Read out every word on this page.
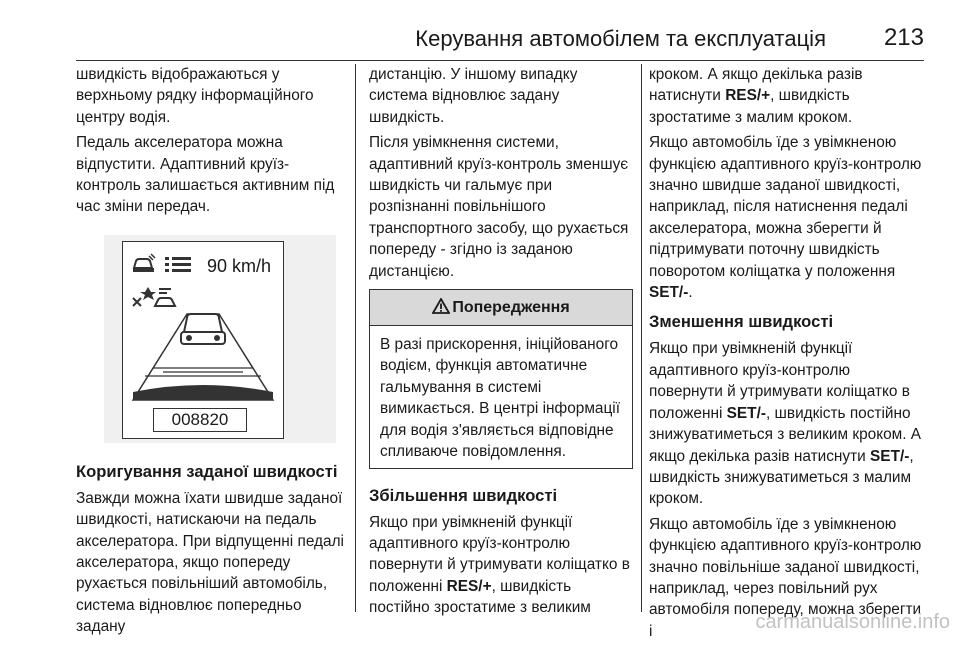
Керування автомобілем та експлуатація 213

швидкість відображаються у верхньому рядку інформаційного центру водія.

Педаль акселератора можна відпустити. Адаптивний круїз-контроль залишається активним під час зміни передач.

90 km/h
008820
Коригування заданої швидкості

Завжди можна їхати швидше заданої швидкості, натискаючи на педаль акселератора. При відпущенні педалі акселератора, якщо попереду рухається повільніший автомобіль, система відновлює попередньо задану

дистанцію. У іншому випадку система відновлює задану швидкість.

Після увімкнення системи, адаптивний круїз-контроль зменшує швидкість чи гальмує при розпізнанні повільнішого транспортного засобу, що рухається попереду - згідно із заданою дистанцією.

Попередження
В разі прискорення, ініційованого водієм, функція автоматичне гальмування в системі вимикається. В центрі інформації для водія з'являється відповідне спливаюче повідомлення.
Збільшення швидкості

Якщо при увімкненій функції адаптивного круїз-контролю повернути й утримувати коліщатко в положенні RES/+, швидкість постійно зростатиме з великим

кроком. А якщо декілька разів натиснути RES/+, швидкість зростатиме з малим кроком.

Якщо автомобіль їде з увімкненою функцією адаптивного круїз-контролю значно швидше заданої швидкості, наприклад, після натиснення педалі акселератора, можна зберегти й підтримувати поточну швидкість поворотом коліщатка у положення SET/-.

Зменшення швидкості

Якщо при увімкненій функції адаптивного круїз-контролю повернути й утримувати коліщатко в положенні SET/-, швидкість постійно знижуватиметься з великим кроком. А якщо декілька разів натиснути SET/-, швидкість знижуватиметься з малим кроком.

Якщо автомобіль їде з увімкненою функцією адаптивного круїз-контролю значно повільніше заданої швидкості, наприклад, через повільний рух автомобіля попереду, можна зберегти і	carmanualsonline.info
